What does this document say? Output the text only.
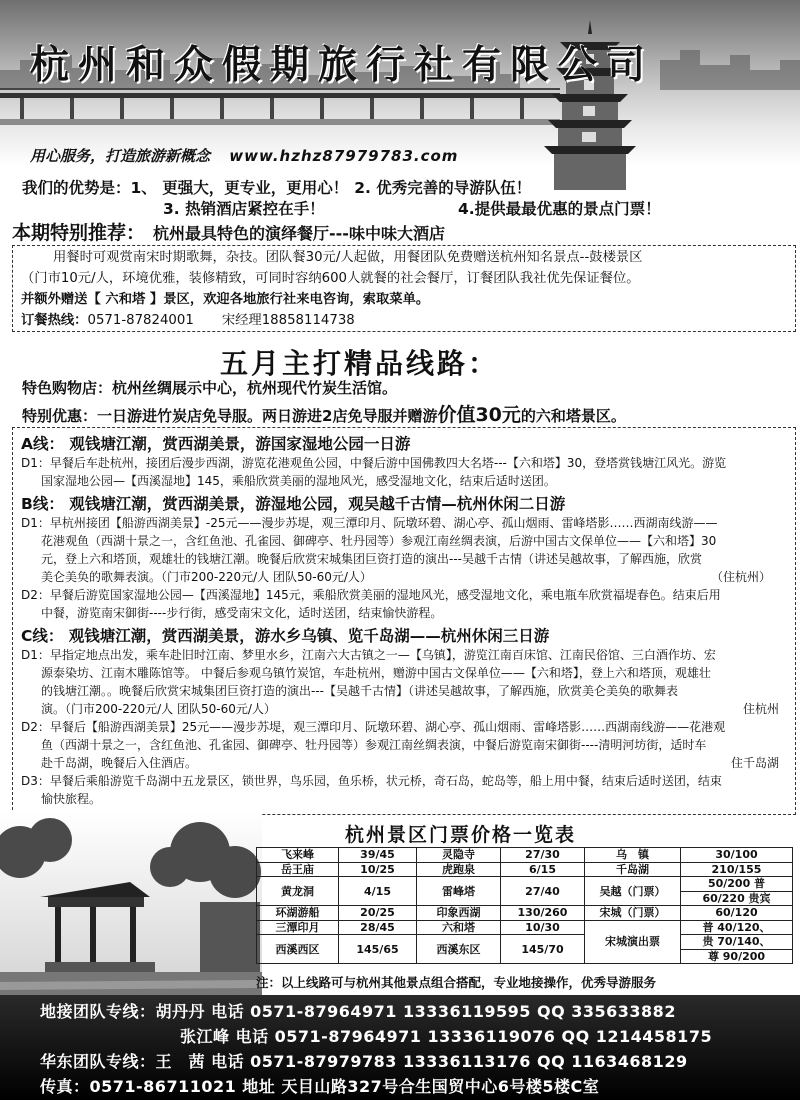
杭州和众假期旅行社有限公司
用心服务，打造旅游新概念 www.hzhz87979783.com
我们的优势是：1、 更强大，更专业，更用心！ 2. 优秀完善的导游队伍！
3. 热销酒店紧控在手！	4.提供最最优惠的景点门票！
本期特别推荐： 杭州最具特色的演绎餐厅---味中味大酒店
用餐时可观赏南宋时期歌舞，杂技。团队餐30元/人起做，用餐团队免费赠送杭州知名景点--鼓楼景区
（门市10元/人，环境优雅，装修精致，可同时容纳600人就餐的社会餐厅，订餐团队我社优先保证餐位。
并额外赠送【 六和塔 】景区，欢迎各地旅行社来电咨询，索取菜单。
订餐热线：0571-87824001 宋经理18858114738
五月主打精品线路：
特色购物店：杭州丝绸展示中心，杭州现代竹炭生活馆。
特别优惠：一日游进竹炭店免导服。两日游进2店免导服并赠游价值30元的六和塔景区。
A线： 观钱塘江潮，赏西湖美景，游国家湿地公园一日游
D1：早餐后车赴杭州，接团后漫步西湖，游览花港观鱼公园，中餐后游中国佛教四大名塔---【六和塔】30，登塔赏钱塘江风光。游览
国家湿地公园—【西溪湿地】145，乘船欣赏美丽的湿地风光，感受湿地文化，结束后适时送团。
B线： 观钱塘江潮，赏西湖美景，游湿地公园，观吴越千古情—杭州休闲二日游
D1：早杭州接团【船游西湖美景】-25元——漫步苏堤，观三潭印月、阮墩环碧、湖心亭、孤山烟雨、雷峰塔影……西湖南线游——
花港观鱼（西湖十景之一，含红鱼池、孔雀园、御碑亭、牡丹园等）参观江南丝绸表演，后游中国古文保单位——【六和塔】30
元，登上六和塔顶，观雄壮的钱塘江潮。晚餐后欣赏宋城集团巨资打造的演出---吴越千古情（讲述吴越故事，了解西施，欣赏
美仑美奂的歌舞表演。（门市200-220元/人 团队50-60元/人）	（住杭州）
D2：早餐后游览国家湿地公园—【西溪湿地】145元，乘船欣赏美丽的湿地风光，感受湿地文化，乘电瓶车欣赏福堤春色。结束后用
中餐，游览南宋御街----步行街，感受南宋文化，适时送团，结束愉快游程。
C线： 观钱塘江潮，赏西湖美景，游水乡乌镇、览千岛湖——杭州休闲三日游
D1：早指定地点出发，乘车赴旧时江南、梦里水乡，江南六大古镇之一—【乌镇】，游览江南百床馆、江南民俗馆、三白酒作坊、宏
源泰染坊、江南木雕陈馆等。 中餐后参观乌镇竹炭馆，车赴杭州，赠游中国古文保单位——【六和塔】，登上六和塔顶，观雄壮
的钱塘江潮。。晚餐后欣赏宋城集团巨资打造的演出---【吴越千古情】（讲述吴越故事，了解西施，欣赏美仑美奂的歌舞表
演。（门市200-220元/人 团队50-60元/人）	住杭州
D2：早餐后【船游西湖美景】25元——漫步苏堤，观三潭印月、阮墩环碧、湖心亭、孤山烟雨、雷峰塔影……西湖南线游——花港观
鱼（西湖十景之一，含红鱼池、孔雀园、御碑亭、牡丹园等）参观江南丝绸表演，中餐后游览南宋御街----清明河坊街，适时车
赴千岛湖，晚餐后入住酒店。	住千岛湖
D3：早餐后乘船游览千岛湖中五龙景区，锁世界，鸟乐园，鱼乐桥，状元桥，奇石岛，蛇岛等，船上用中餐，结束后适时送团，结束
愉快旅程。
杭州景区门票价格一览表
飞来峰	39/45	灵隐寺	27/30	乌　镇	30/100
岳王庙	10/25	虎跑泉	6/15	千岛湖	210/155
黄龙洞	4/15	雷峰塔	27/40	吴越（门票）	50/200 普
					60/220 贵宾
环湖游船	20/25	印象西湖	130/260	宋城（门票）	60/120
三潭印月	28/45	六和塔	10/30	宋城演出票	普 40/120、
西溪西区	145/65	西溪东区	145/70		贵 70/140、
					尊 90/200
注：以上线路可与杭州其他景点组合搭配，专业地接操作，优秀导游服务
地接团队专线：胡丹丹 电话 0571-87964971 13336119595 QQ 335633882
张江峰 电话 0571-87964971 13336119076 QQ 1214458175
华东团队专线：王　茜 电话 0571-87979783 13336113176 QQ 1163468129
传真：0571-86711021 地址 天目山路327号合生国贸中心6号楼5楼C室
